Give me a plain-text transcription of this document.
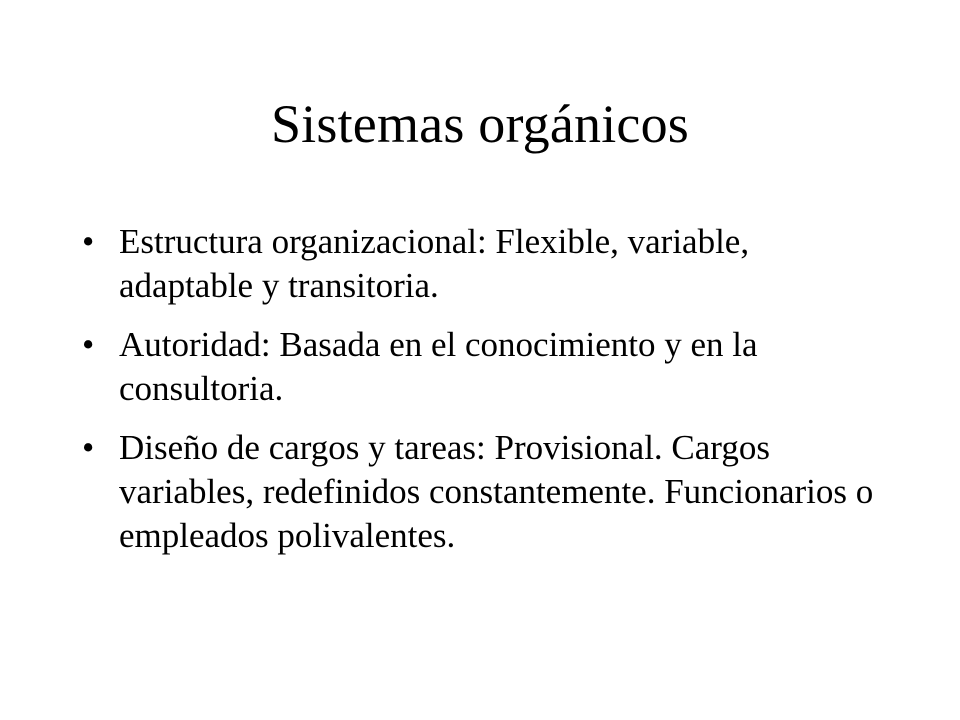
Sistemas orgánicos
• Estructura organizacional: Flexible, variable, adaptable y transitoria.
• Autoridad: Basada en el conocimiento y en la consultoria.
• Diseño de cargos y tareas: Provisional. Cargos variables, redefinidos constantemente. Funcionarios o empleados polivalentes.
